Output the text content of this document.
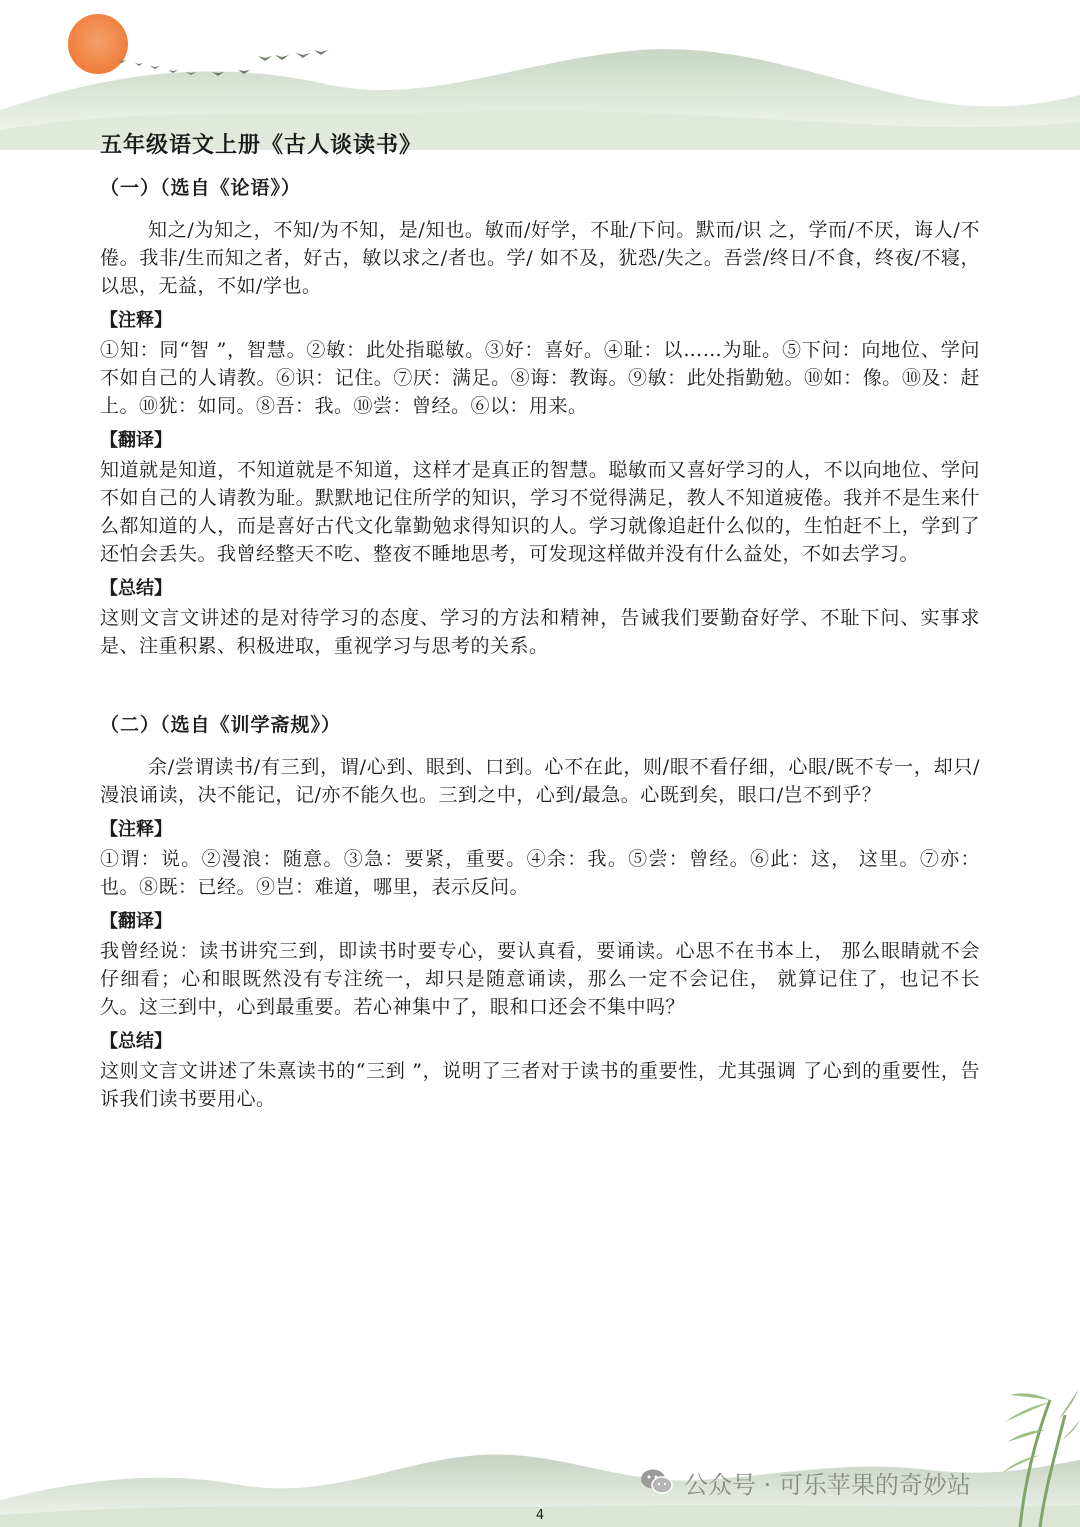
五年级语文上册《古人谈读书》
（一）（选自《论语》）

知之/为知之，不知/为不知，是/知也。敏而/好学，不耻/下问。默而/识 之，学而/不厌，诲人/不倦。我非/生而知之者，好古，敏以求之/者也。学/ 如不及，犹恐/失之。吾尝/终日/不食，终夜/不寝，以思，无益，不如/学也。

【注释】

①知：同“智 ”，智慧。②敏：此处指聪敏。③好：喜好。④耻：以……为耻。⑤下问：向地位、学问不如自己的人请教。⑥识：记住。⑦厌：满足。⑧诲：教诲。⑨敏：此处指勤勉。⑩如：像。⑩及：赶上。⑩犹：如同。⑧吾：我。⑩尝：曾经。⑥以：用来。

【翻译】

知道就是知道，不知道就是不知道，这样才是真正的智慧。聪敏而又喜好学习的人，不以向地位、学问不如自己的人请教为耻。默默地记住所学的知识，学习不觉得满足，教人不知道疲倦。我并不是生来什么都知道的人，而是喜好古代文化靠勤勉求得知识的人。学习就像追赶什么似的，生怕赶不上，学到了还怕会丢失。我曾经整天不吃、整夜不睡地思考，可发现这样做并没有什么益处，不如去学习。

【总结】

这则文言文讲述的是对待学习的态度、学习的方法和精神，告诫我们要勤奋好学、不耻下问、实事求是、注重积累、积极进取，重视学习与思考的关系。

（二）（选自《训学斋规》）

余/尝谓读书/有三到，谓/心到、眼到、口到。心不在此，则/眼不看仔细，心眼/既不专一，却只/漫浪诵读，决不能记，记/亦不能久也。三到之中，心到/最急。心既到矣，眼口/岂不到乎？

【注释】

①谓：说。②漫浪：随意。③急：要紧，重要。④余：我。⑤尝：曾经。⑥此：这， 这里。⑦亦：也。⑧既：已经。⑨岂：难道，哪里，表示反问。

【翻译】

我曾经说：读书讲究三到，即读书时要专心，要认真看，要诵读。心思不在书本上， 那么眼睛就不会仔细看；心和眼既然没有专注统一，却只是随意诵读，那么一定不会记住， 就算记住了，也记不长久。这三到中，心到最重要。若心神集中了，眼和口还会不集中吗？

【总结】

这则文言文讲述了朱熹读书的“三到 ”，说明了三者对于读书的重要性，尤其强调 了心到的重要性，告诉我们读书要用心。

公众号 · 可乐苹果的奇妙站
4
